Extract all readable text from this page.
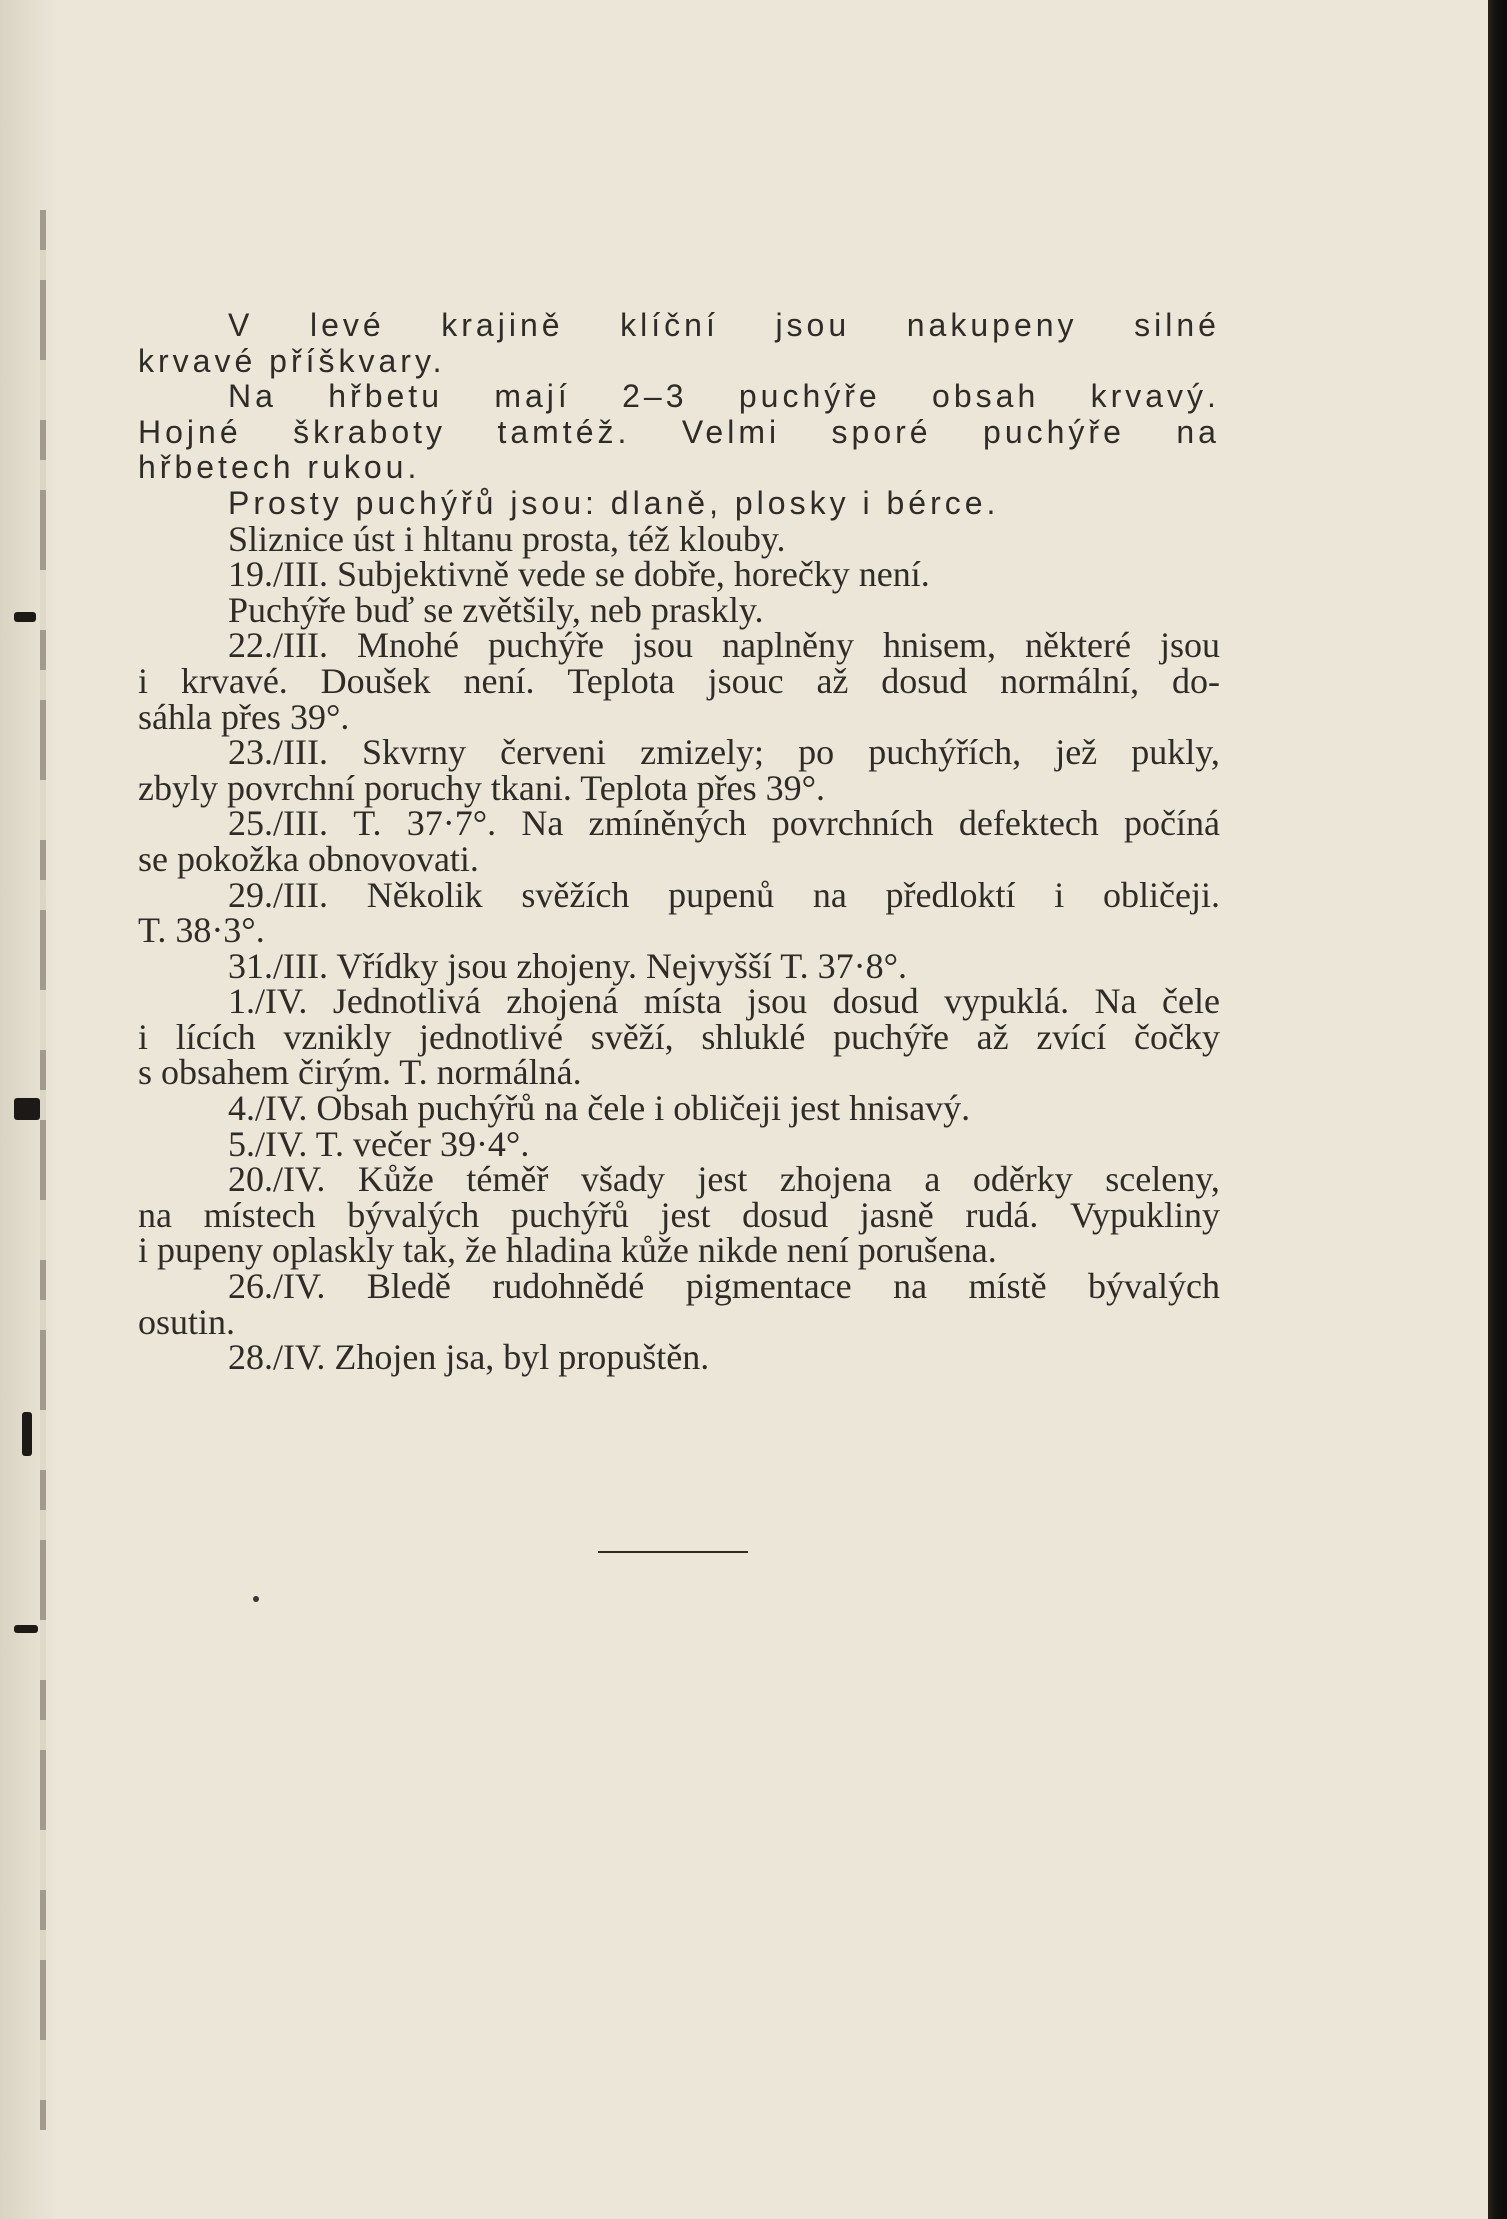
V levé krajině klíční jsou nakupeny silné
krvavé příškvary.
Na hřbetu mají 2–3 puchýře obsah krvavý.
Hojné škraboty tamtéž. Velmi sporé puchýře na
hřbetech rukou.
Prosty puchýřů jsou: dlaně, plosky i bérce.
Sliznice úst i hltanu prosta, též klouby.
19./III. Subjektivně vede se dobře, horečky není.
Puchýře buď se zvětšily, neb praskly.
22./III. Mnohé puchýře jsou naplněny hnisem, některé jsou
i krvavé. Doušek není. Teplota jsouc až dosud normální, do-
sáhla přes 39°.
23./III. Skvrny červeni zmizely; po puchýřích, jež pukly,
zbyly povrchní poruchy tkani. Teplota přes 39°.
25./III. T. 37·7°. Na zmíněných povrchních defektech počíná
se pokožka obnovovati.
29./III. Několik svěžích pupenů na předloktí i obličeji.
T. 38·3°.
31./III. Vřídky jsou zhojeny. Nejvyšší T. 37·8°.
1./IV. Jednotlivá zhojená místa jsou dosud vypuklá. Na čele
i lících vznikly jednotlivé svěží, shluklé puchýře až zvící čočky
s obsahem čirým. T. normálná.
4./IV. Obsah puchýřů na čele i obličeji jest hnisavý.
5./IV. T. večer 39·4°.
20./IV. Kůže téměř všady jest zhojena a oděrky sceleny,
na místech bývalých puchýřů jest dosud jasně rudá. Vypukliny
i pupeny oplaskly tak, že hladina kůže nikde není porušena.
26./IV. Bledě rudohnědé pigmentace na místě bývalých
osutin.
28./IV. Zhojen jsa, byl propuštěn.
